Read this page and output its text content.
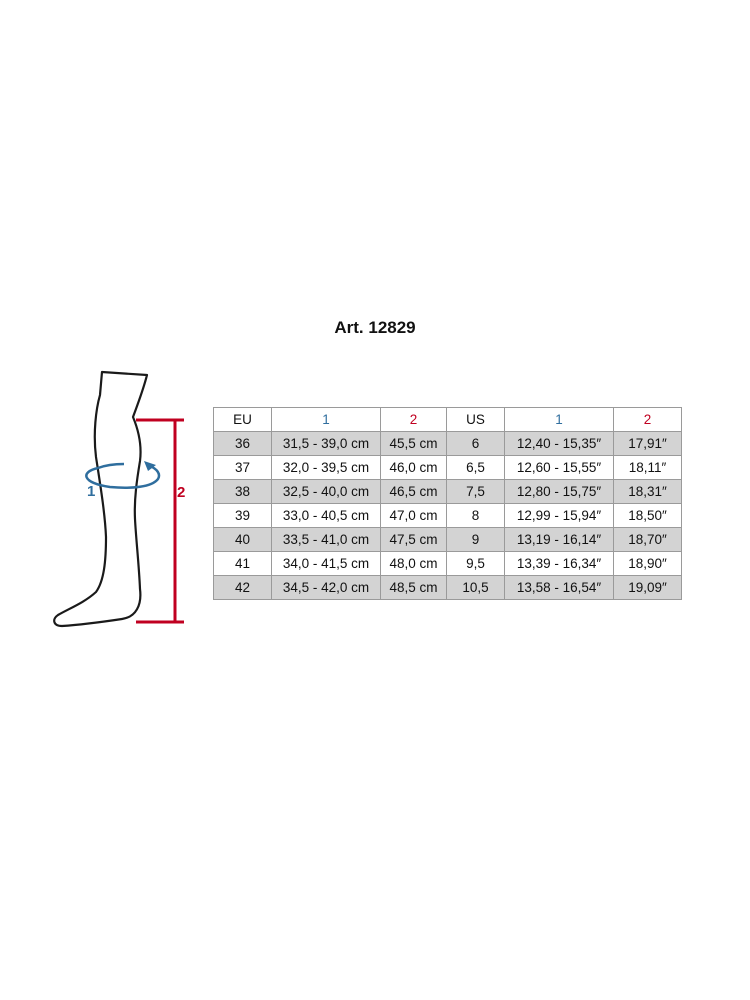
Art. 12829
1	2
EU	1	2	US	1	2
36	31,5 - 39,0 cm	45,5 cm	6	12,40 - 15,35″	17,91″
37	32,0 - 39,5 cm	46,0 cm	6,5	12,60 - 15,55″	18,11″
38	32,5 - 40,0 cm	46,5 cm	7,5	12,80 - 15,75″	18,31″
39	33,0 - 40,5 cm	47,0 cm	8	12,99 - 15,94″	18,50″
40	33,5 - 41,0 cm	47,5 cm	9	13,19 - 16,14″	18,70″
41	34,0 - 41,5 cm	48,0 cm	9,5	13,39 - 16,34″	18,90″
42	34,5 - 42,0 cm	48,5 cm	10,5	13,58 - 16,54″	19,09″
